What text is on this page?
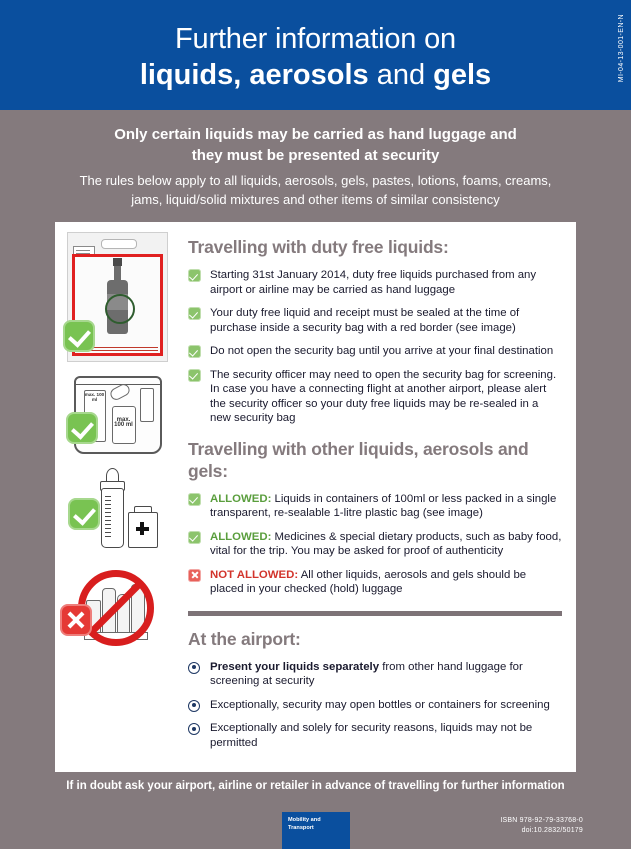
Further information on
liquids, aerosols and gels	MI-04-13-001-EN-N
Only certain liquids may be carried as hand luggage and
they must be presented at security
The rules below apply to all liquids, aerosols, gels, pastes, lotions, foams, creams,
jams, liquid/solid mixtures and other items of similar consistency
max. 100 ml
max. 100 ml
Travelling with duty free liquids:
Starting 31st January 2014, duty free liquids purchased from any airport or airline may be carried as hand luggage
Your duty free liquid and receipt must be sealed at the time of purchase inside a security bag with a red border (see image)
Do not open the security bag until you arrive at your final destination
The security officer may need to open the security bag for screening. In case you have a connecting flight at another airport, please alert the security officer so your duty free liquids may be re-sealed in a new security bag
Travelling with other liquids, aerosols and gels:
ALLOWED: Liquids in containers of 100ml or less packed in a single transparent, re-sealable 1-litre plastic bag (see image)
ALLOWED: Medicines & special dietary products, such as baby food, vital for the trip. You may be asked for proof of authenticity
NOT ALLOWED: All other liquids, aerosols and gels should be placed in your checked (hold) luggage
At the airport:
Present your liquids separately from other hand luggage for screening at security
Exceptionally, security may open bottles or containers for screening
Exceptionally and solely for security reasons, liquids may not be permitted
If in doubt ask your airport, airline or retailer in advance of travelling for further information
Mobility and
Transport
ISBN 978-92-79-33768-0
doi:10.2832/50179
